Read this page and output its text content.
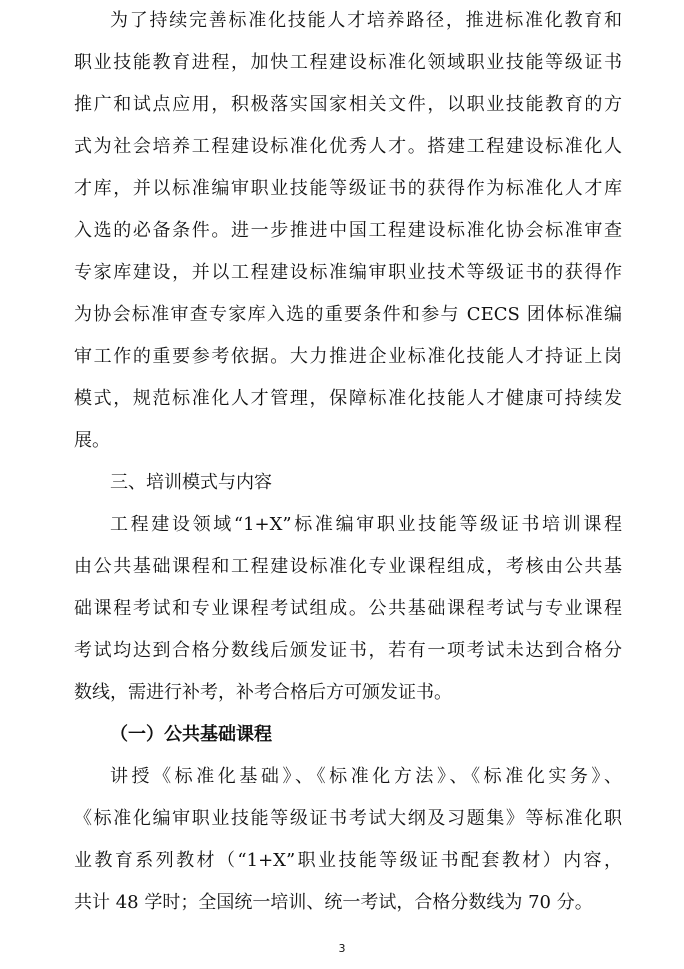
为了持续完善标准化技能人才培养路径，推进标准化教育和
职业技能教育进程，加快工程建设标准化领域职业技能等级证书
推广和试点应用，积极落实国家相关文件，以职业技能教育的方
式为社会培养工程建设标准化优秀人才。搭建工程建设标准化人
才库，并以标准编审职业技能等级证书的获得作为标准化人才库
入选的必备条件。进一步推进中国工程建设标准化协会标准审查
专家库建设，并以工程建设标准编审职业技术等级证书的获得作
为协会标准审查专家库入选的重要条件和参与 CECS 团体标准编
审工作的重要参考依据。大力推进企业标准化技能人才持证上岗
模式，规范标准化人才管理，保障标准化技能人才健康可持续发
展。
三、培训模式与内容
工程建设领域“1+X”标准编审职业技能等级证书培训课程
由公共基础课程和工程建设标准化专业课程组成，考核由公共基
础课程考试和专业课程考试组成。公共基础课程考试与专业课程
考试均达到合格分数线后颁发证书，若有一项考试未达到合格分
数线，需进行补考，补考合格后方可颁发证书。
（一）公共基础课程
讲授《标准化基础》、《标准化方法》、《标准化实务》、
《标准化编审职业技能等级证书考试大纲及习题集》等标准化职
业教育系列教材（“1+X”职业技能等级证书配套教材）内容，
共计 48 学时；全国统一培训、统一考试，合格分数线为 70 分。
3
